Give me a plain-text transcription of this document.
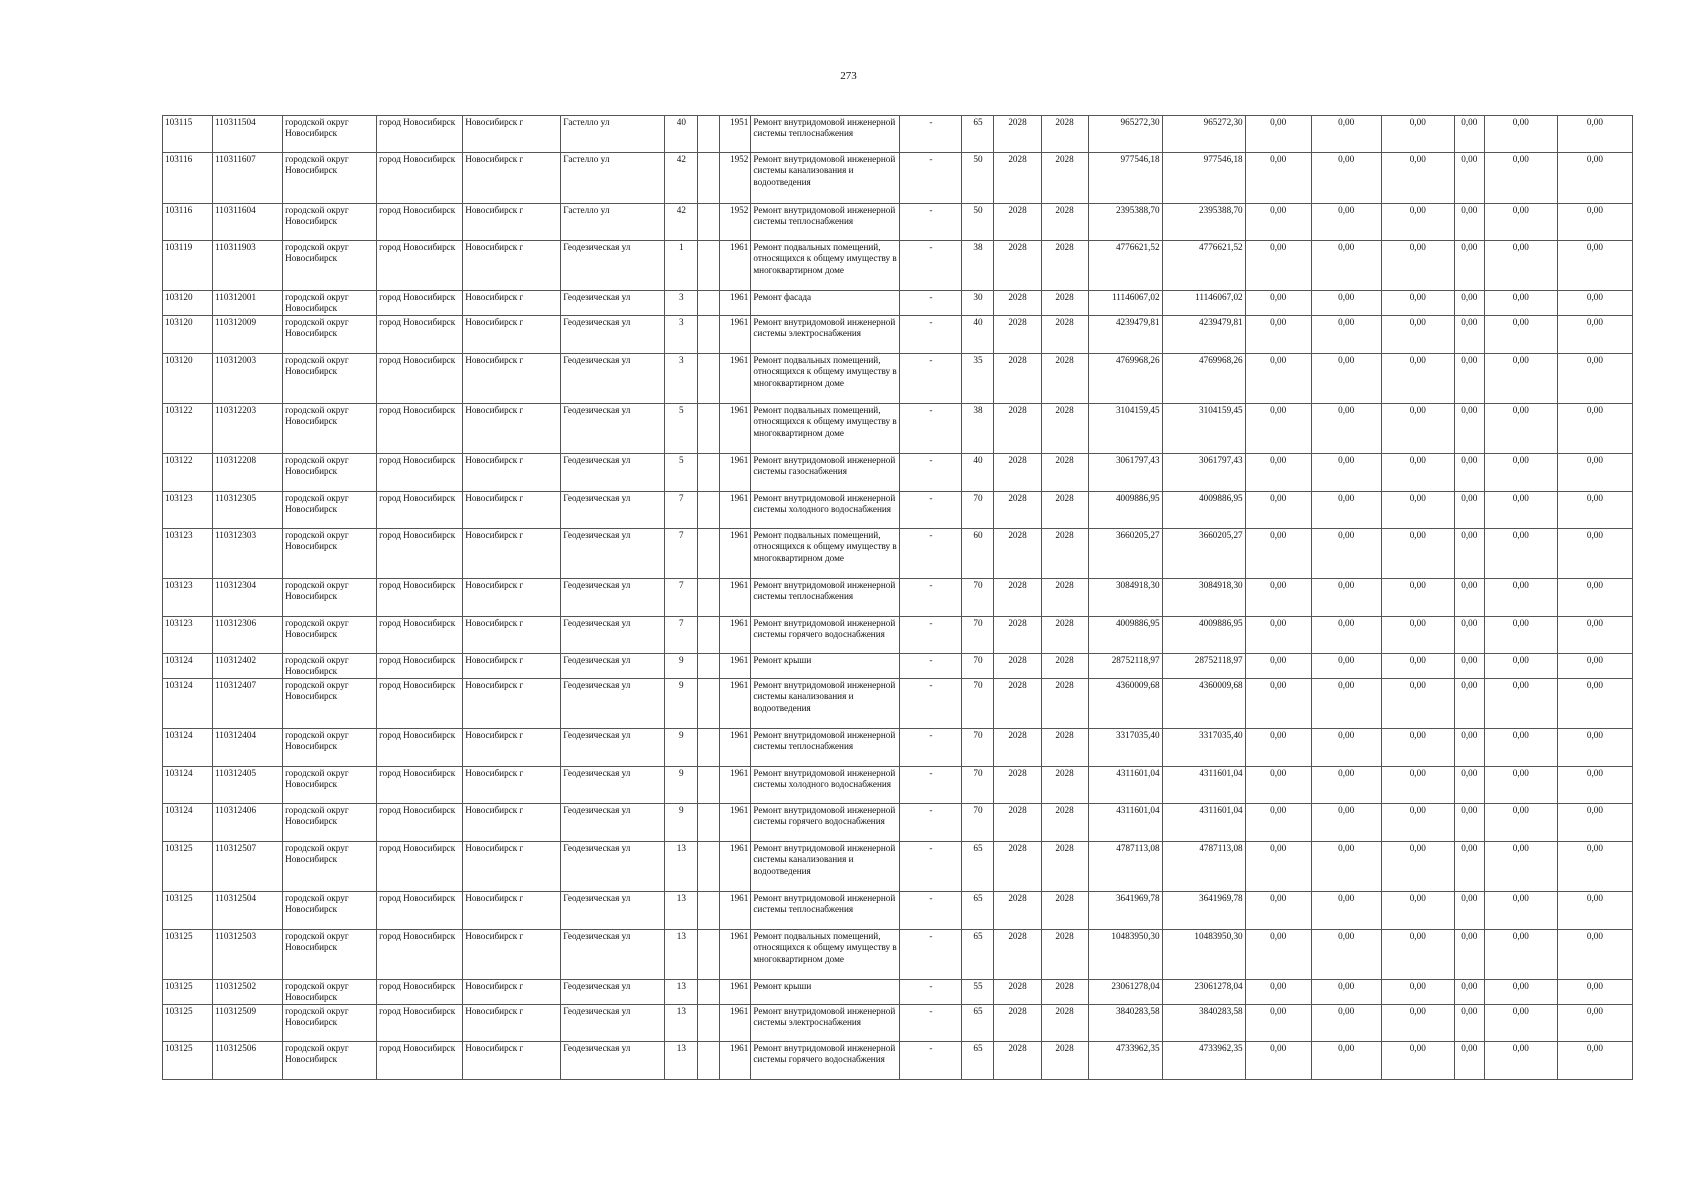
273
103115	110311504	городской округ Новосибирск	город Новосибирск	Новосибирск г	Гастелло ул	40		1951	Ремонт внутридомовой инженерной системы теплоснабжения	-	65	2028	2028	965272,30	965272,30	0,00	0,00	0,00	0,00	0,00	0,00
103116	110311607	городской округ Новосибирск	город Новосибирск	Новосибирск г	Гастелло ул	42		1952	Ремонт внутридомовой инженерной системы канализования и водоотведения	-	50	2028	2028	977546,18	977546,18	0,00	0,00	0,00	0,00	0,00	0,00
103116	110311604	городской округ Новосибирск	город Новосибирск	Новосибирск г	Гастелло ул	42		1952	Ремонт внутридомовой инженерной системы теплоснабжения	-	50	2028	2028	2395388,70	2395388,70	0,00	0,00	0,00	0,00	0,00	0,00
103119	110311903	городской округ Новосибирск	город Новосибирск	Новосибирск г	Геодезическая ул	1		1961	Ремонт подвальных помещений, относящихся к общему имуществу в многоквартирном доме	-	38	2028	2028	4776621,52	4776621,52	0,00	0,00	0,00	0,00	0,00	0,00
103120	110312001	городской округ Новосибирск	город Новосибирск	Новосибирск г	Геодезическая ул	3		1961	Ремонт фасада	-	30	2028	2028	11146067,02	11146067,02	0,00	0,00	0,00	0,00	0,00	0,00
103120	110312009	городской округ Новосибирск	город Новосибирск	Новосибирск г	Геодезическая ул	3		1961	Ремонт внутридомовой инженерной системы электроснабжения	-	40	2028	2028	4239479,81	4239479,81	0,00	0,00	0,00	0,00	0,00	0,00
103120	110312003	городской округ Новосибирск	город Новосибирск	Новосибирск г	Геодезическая ул	3		1961	Ремонт подвальных помещений, относящихся к общему имуществу в многоквартирном доме	-	35	2028	2028	4769968,26	4769968,26	0,00	0,00	0,00	0,00	0,00	0,00
103122	110312203	городской округ Новосибирск	город Новосибирск	Новосибирск г	Геодезическая ул	5		1961	Ремонт подвальных помещений, относящихся к общему имуществу в многоквартирном доме	-	38	2028	2028	3104159,45	3104159,45	0,00	0,00	0,00	0,00	0,00	0,00
103122	110312208	городской округ Новосибирск	город Новосибирск	Новосибирск г	Геодезическая ул	5		1961	Ремонт внутридомовой инженерной системы газоснабжения	-	40	2028	2028	3061797,43	3061797,43	0,00	0,00	0,00	0,00	0,00	0,00
103123	110312305	городской округ Новосибирск	город Новосибирск	Новосибирск г	Геодезическая ул	7		1961	Ремонт внутридомовой инженерной системы холодного водоснабжения	-	70	2028	2028	4009886,95	4009886,95	0,00	0,00	0,00	0,00	0,00	0,00
103123	110312303	городской округ Новосибирск	город Новосибирск	Новосибирск г	Геодезическая ул	7		1961	Ремонт подвальных помещений, относящихся к общему имуществу в многоквартирном доме	-	60	2028	2028	3660205,27	3660205,27	0,00	0,00	0,00	0,00	0,00	0,00
103123	110312304	городской округ Новосибирск	город Новосибирск	Новосибирск г	Геодезическая ул	7		1961	Ремонт внутридомовой инженерной системы теплоснабжения	-	70	2028	2028	3084918,30	3084918,30	0,00	0,00	0,00	0,00	0,00	0,00
103123	110312306	городской округ Новосибирск	город Новосибирск	Новосибирск г	Геодезическая ул	7		1961	Ремонт внутридомовой инженерной системы горячего водоснабжения	-	70	2028	2028	4009886,95	4009886,95	0,00	0,00	0,00	0,00	0,00	0,00
103124	110312402	городской округ Новосибирск	город Новосибирск	Новосибирск г	Геодезическая ул	9		1961	Ремонт крыши	-	70	2028	2028	28752118,97	28752118,97	0,00	0,00	0,00	0,00	0,00	0,00
103124	110312407	городской округ Новосибирск	город Новосибирск	Новосибирск г	Геодезическая ул	9		1961	Ремонт внутридомовой инженерной системы канализования и водоотведения	-	70	2028	2028	4360009,68	4360009,68	0,00	0,00	0,00	0,00	0,00	0,00
103124	110312404	городской округ Новосибирск	город Новосибирск	Новосибирск г	Геодезическая ул	9		1961	Ремонт внутридомовой инженерной системы теплоснабжения	-	70	2028	2028	3317035,40	3317035,40	0,00	0,00	0,00	0,00	0,00	0,00
103124	110312405	городской округ Новосибирск	город Новосибирск	Новосибирск г	Геодезическая ул	9		1961	Ремонт внутридомовой инженерной системы холодного водоснабжения	-	70	2028	2028	4311601,04	4311601,04	0,00	0,00	0,00	0,00	0,00	0,00
103124	110312406	городской округ Новосибирск	город Новосибирск	Новосибирск г	Геодезическая ул	9		1961	Ремонт внутридомовой инженерной системы горячего водоснабжения	-	70	2028	2028	4311601,04	4311601,04	0,00	0,00	0,00	0,00	0,00	0,00
103125	110312507	городской округ Новосибирск	город Новосибирск	Новосибирск г	Геодезическая ул	13		1961	Ремонт внутридомовой инженерной системы канализования и водоотведения	-	65	2028	2028	4787113,08	4787113,08	0,00	0,00	0,00	0,00	0,00	0,00
103125	110312504	городской округ Новосибирск	город Новосибирск	Новосибирск г	Геодезическая ул	13		1961	Ремонт внутридомовой инженерной системы теплоснабжения	-	65	2028	2028	3641969,78	3641969,78	0,00	0,00	0,00	0,00	0,00	0,00
103125	110312503	городской округ Новосибирск	город Новосибирск	Новосибирск г	Геодезическая ул	13		1961	Ремонт подвальных помещений, относящихся к общему имуществу в многоквартирном доме	-	65	2028	2028	10483950,30	10483950,30	0,00	0,00	0,00	0,00	0,00	0,00
103125	110312502	городской округ Новосибирск	город Новосибирск	Новосибирск г	Геодезическая ул	13		1961	Ремонт крыши	-	55	2028	2028	23061278,04	23061278,04	0,00	0,00	0,00	0,00	0,00	0,00
103125	110312509	городской округ Новосибирск	город Новосибирск	Новосибирск г	Геодезическая ул	13		1961	Ремонт внутридомовой инженерной системы электроснабжения	-	65	2028	2028	3840283,58	3840283,58	0,00	0,00	0,00	0,00	0,00	0,00
103125	110312506	городской округ Новосибирск	город Новосибирск	Новосибирск г	Геодезическая ул	13		1961	Ремонт внутридомовой инженерной системы горячего водоснабжения	-	65	2028	2028	4733962,35	4733962,35	0,00	0,00	0,00	0,00	0,00	0,00
